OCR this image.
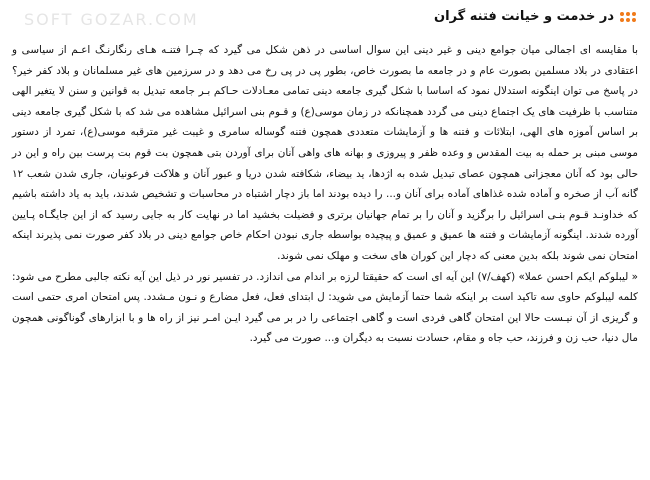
SOFT GOZAR.COM	در خدمت و خیانت فتنه گران

با مقایسه ای اجمالی میان جوامع دینی و غیر دینی این سوال اساسی در ذهن شکل می گیرد که چـرا فتنـه هـای رنگارنـگ اعـم از سیاسی و اعتقادی در بلاد مسلمین بصورت عام و در جامعه ما بصورت خاص، بطور پی در پی رخ می دهد و در سرزمین های غیر مسلمانان و بلاد کفر خیر؟ در پاسخ می توان اینگونه استدلال نمود که اساسا با شکل گیری جامعه دینی تمامی معـادلات حـاکم بـر جامعه تبدیل به قوانین و سنن لا یتغیر الهی متناسب با ظرفیت های یک اجتماع دینی می گردد همچنانکه در زمان موسی(ع) و قـوم بنی اسرائیل مشاهده می شد که با شکل گیری جامعه دینی بر اساس آموزه های الهی، ابتلائات و فتنه ها و آزمایشات متعددی همچون فتنه گوساله سامری و غیبت غیر مترقبه موسی(ع)، تمرد از دستور موسی مبنی بر حمله به بیت المقدس و وعده ظفر و پیروزی و بهانه های واهی آنان برای آوردن بتی همچون بت قوم بت پرست بین راه و این در حالی بود که آنان معجزاتی همچون عصای تبدیل شده به اژدها، ید بیضاء، شکافته شدن دریا و عبور آنان و هلاکت فرعونیان، جاری شدن شعب ۱۲ گانه آب از صخره و آماده شده غذاهای آماده برای آنان و... را دیده بودند اما باز دچار اشتباه در محاسبات و تشخیص شدند، باید به یاد داشته باشیم که خداونـد قـوم بنـی اسرائیل را برگزید و آنان را بر تمام جهانیان برتری و فضیلت بخشید اما در نهایت کار به جایی رسید که از این جایگـاه پـایین آورده شدند. اینگونه آزمایشات و فتنه ها عمیق و عمیق و پیچیده بواسطه جاری نبودن احکام خاص جوامع دینی در بلاد کفر صورت نمی پذیرند اینکه امتحان نمی شوند بلکه بدین معنی که دچار این کوران های سخت و مهلک نمی شوند.

« لیبلوکم ایکم احسن عملا» (کهف/۷) این آیه ای است که حقیقتا لرزه بر اندام می اندازد. در تفسیر نور در ذیل این آیه نکته جالبی مطرح می شود: کلمه لیبلوکم حاوی سه تاکید است بر اینکه شما حتما آزمایش می شوید: ل ابتدای فعل، فعل مضارع و نـون مـشدد. پس امتحان امری حتمی است و گریزی از آن نیـست حالا این امتحان گاهی فردی است و گاهی اجتماعی را در بر می گیرد ایـن امـر نیز از راه ها و با ابزارهای گوناگونی همچون مال دنیا، حب زن و فرزند، حب جاه و مقام، حسادت نسبت به دیگران و... صورت می گیرد.
